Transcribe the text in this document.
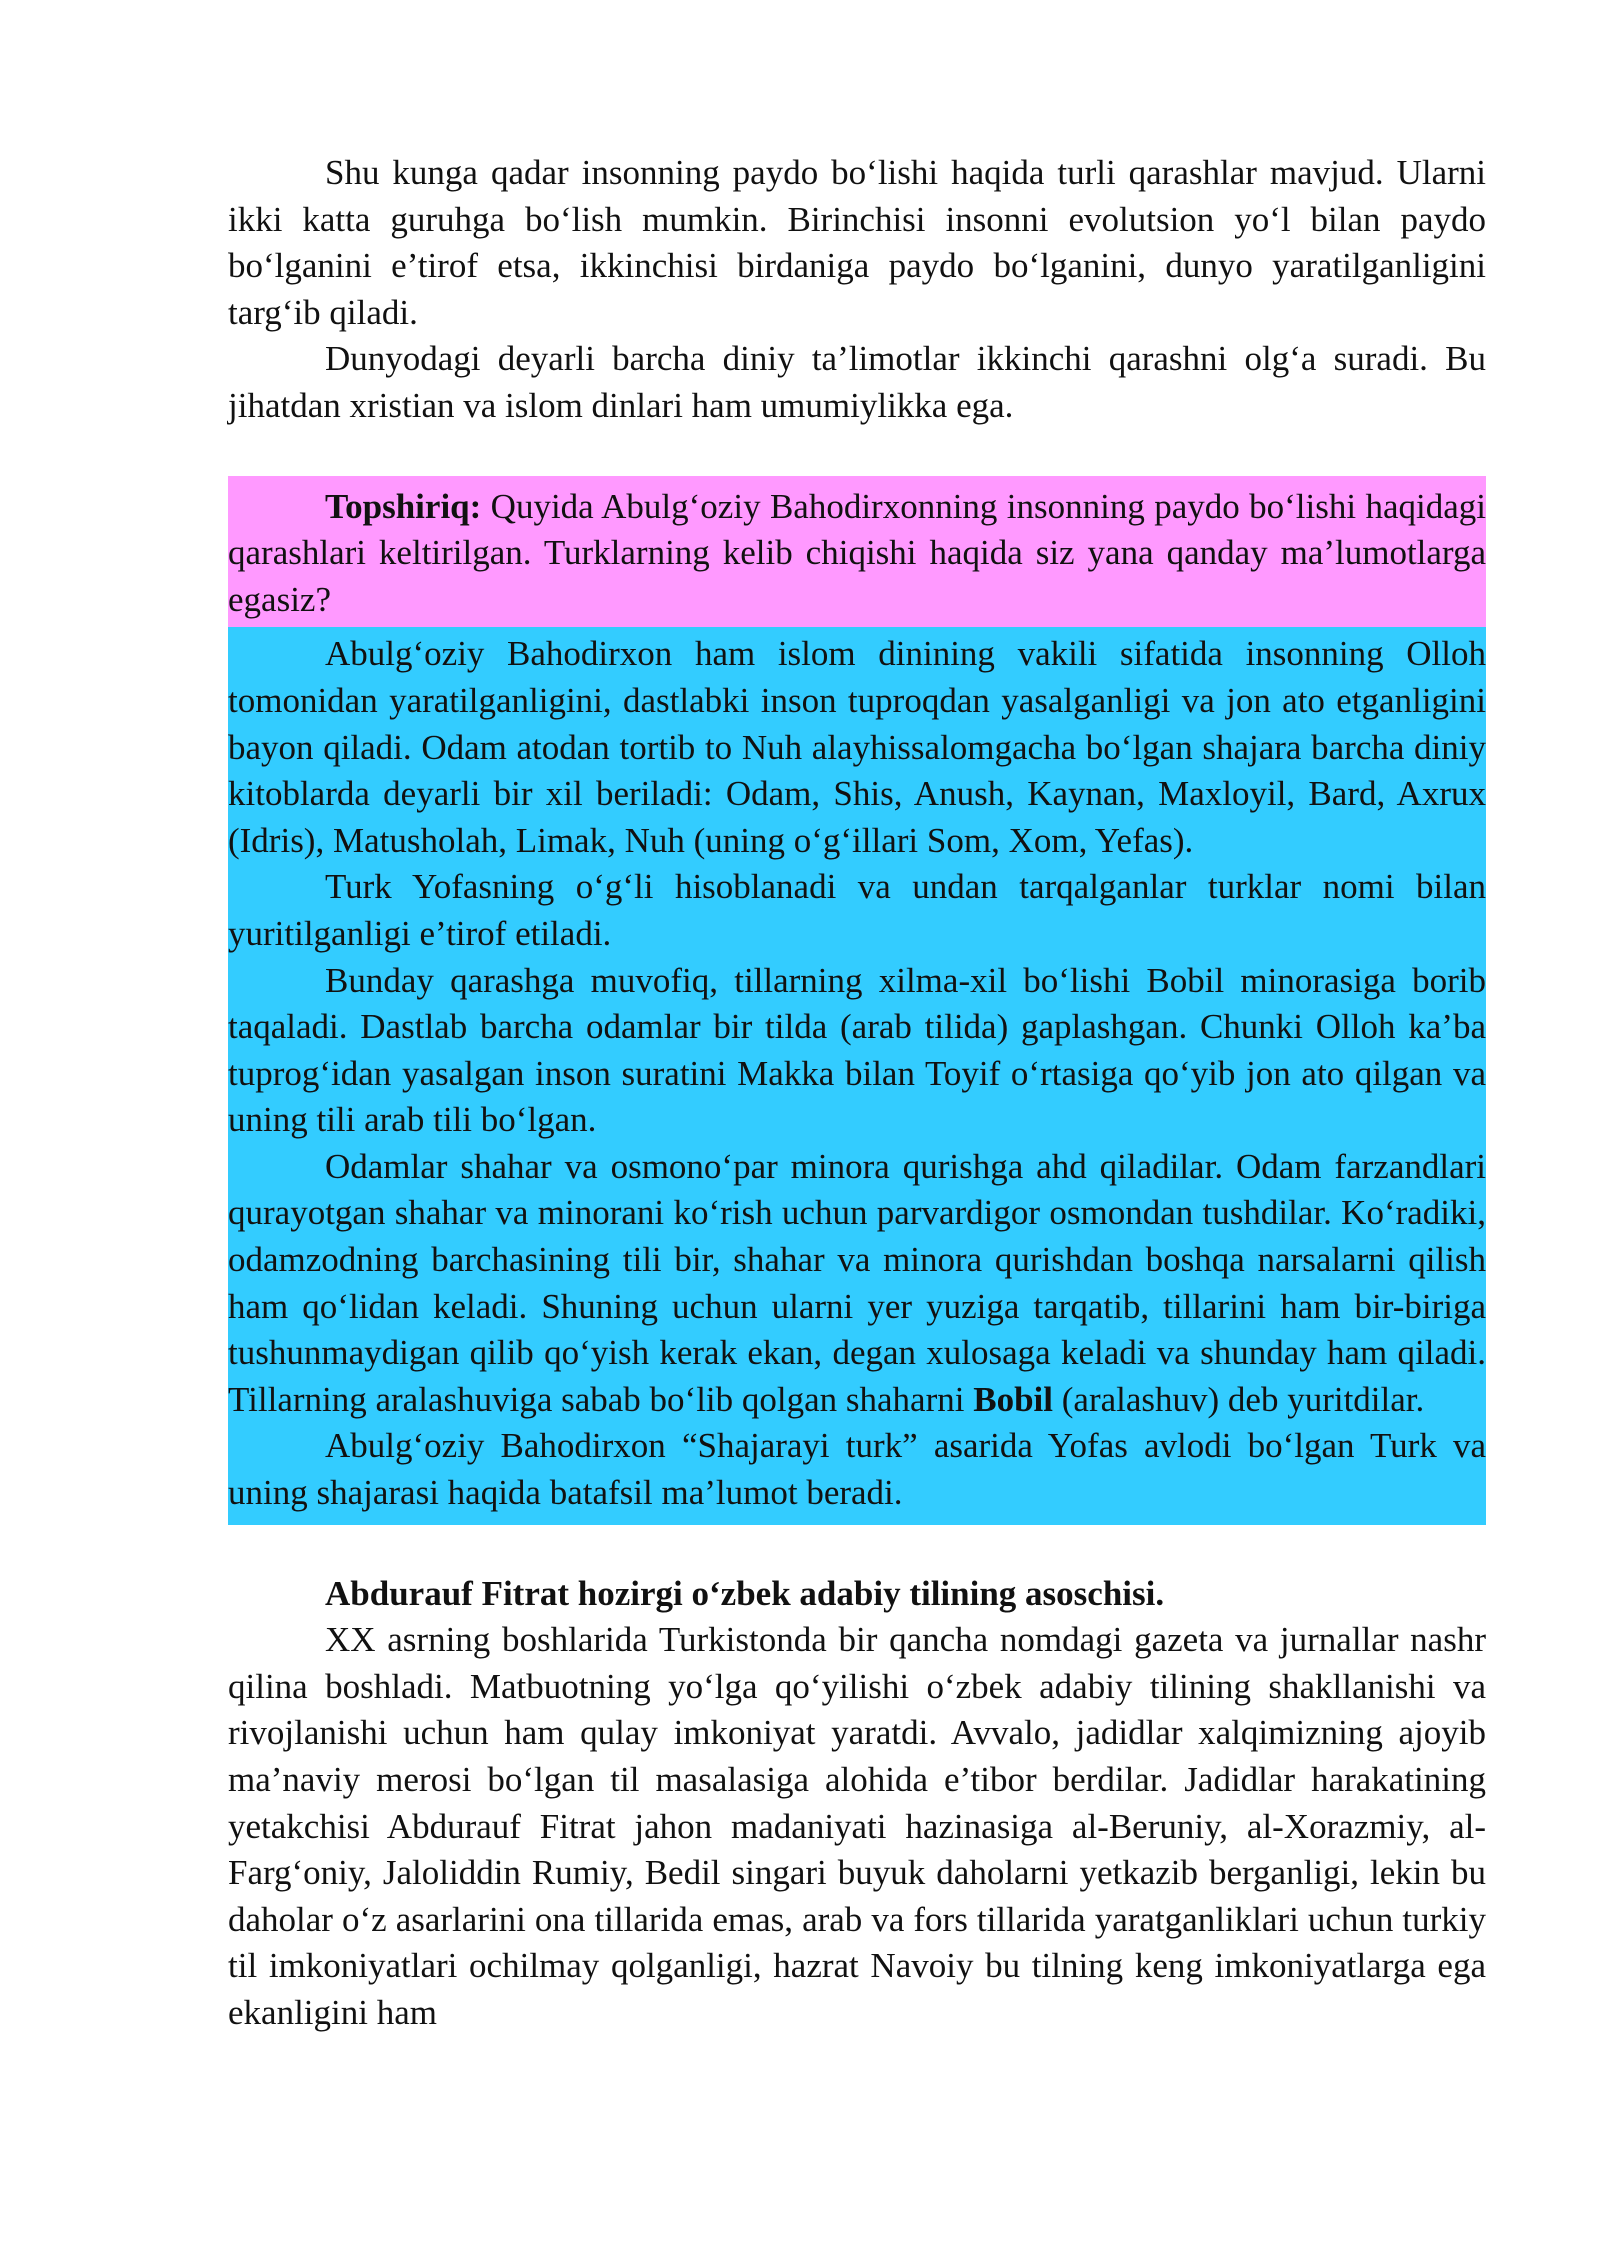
Shu kunga qadar insonning paydo bo‘lishi haqida turli qarashlar mavjud. Ularni ikki katta guruhga bo‘lish mumkin. Birinchisi insonni evolutsion yo‘l bilan paydo bo‘lganini e’tirof etsa, ikkinchisi birdaniga paydo bo‘lganini, dunyo yaratilganligini targ‘ib qiladi.

Dunyodagi deyarli barcha diniy ta’limotlar ikkinchi qarashni olg‘a suradi. Bu jihatdan xristian va islom dinlari ham umumiylikka ega.

Topshiriq: Quyida Abulg‘oziy Bahodirxonning insonning paydo bo‘lishi haqidagi qarashlari keltirilgan. Turklarning kelib chiqishi haqida siz yana qanday ma’lumotlarga egasiz?

Abulg‘oziy Bahodirxon ham islom dinining vakili sifatida insonning Olloh tomonidan yaratilganligini, dastlabki inson tuproqdan yasalganligi va jon ato etganligini bayon qiladi. Odam atodan tortib to Nuh alayhissalomgacha bo‘lgan shajara barcha diniy kitoblarda deyarli bir xil beriladi: Odam, Shis, Anush, Kaynan, Maxloyil, Bard, Axrux (Idris), Matusholah, Limak, Nuh (uning o‘g‘illari Som, Xom, Yefas).

Turk Yofasning o‘g‘li hisoblanadi va undan tarqalganlar turklar nomi bilan yuritilganligi e’tirof etiladi.

Bunday qarashga muvofiq, tillarning xilma-xil bo‘lishi Bobil minorasiga borib taqaladi. Dastlab barcha odamlar bir tilda (arab tilida) gaplashgan. Chunki Olloh ka’ba tuprog‘idan yasalgan inson suratini Makka bilan Toyif o‘rtasiga qo‘yib jon ato qilgan va uning tili arab tili bo‘lgan.

Odamlar shahar va osmono‘par minora qurishga ahd qiladilar. Odam farzandlari qurayotgan shahar va minorani ko‘rish uchun parvardigor osmondan tushdilar. Ko‘radiki, odamzodning barchasining tili bir, shahar va minora qurishdan boshqa narsalarni qilish ham qo‘lidan keladi. Shuning uchun ularni yer yuziga tarqatib, tillarini ham bir-biriga tushunmaydigan qilib qo‘yish kerak ekan, degan xulosaga keladi va shunday ham qiladi. Tillarning aralashuviga sabab bo‘lib qolgan shaharni Bobil (aralashuv) deb yuritdilar.

Abulg‘oziy Bahodirxon “Shajarayi turk” asarida Yofas avlodi bo‘lgan Turk va uning shajarasi haqida batafsil ma’lumot beradi.

Abdurauf Fitrat hozirgi o‘zbek adabiy tilining asoschisi.

XX asrning boshlarida Turkistonda bir qancha nomdagi gazeta va jurnallar nashr qilina boshladi. Matbuotning yo‘lga qo‘yilishi o‘zbek adabiy tilining shakllanishi va rivojlanishi uchun ham qulay imkoniyat yaratdi. Avvalo, jadidlar xalqimizning ajoyib ma’naviy merosi bo‘lgan til masalasiga alohida e’tibor berdilar. Jadidlar harakatining yetakchisi Abdurauf Fitrat jahon madaniyati hazinasiga al-Beruniy, al-Xorazmiy, al-Farg‘oniy, Jaloliddin Rumiy, Bedil singari buyuk daholarni yetkazib berganligi, lekin bu daholar o‘z asarlarini ona tillarida emas, arab va fors tillarida yaratganliklari uchun turkiy til imkoniyatlari ochilmay qolganligi, hazrat Navoiy bu tilning keng imkoniyatlarga ega ekanligini ham
